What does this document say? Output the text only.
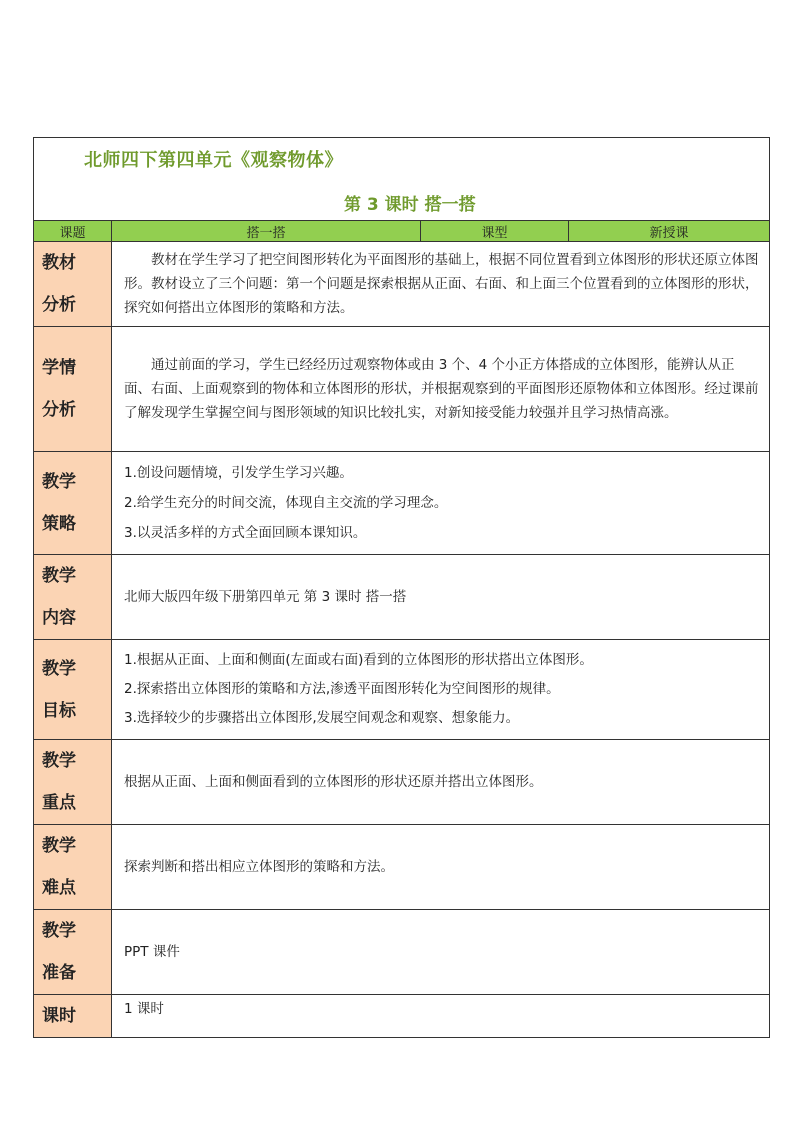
北师四下第四单元《观察物体》
第 3 课时 搭一搭			

课题	搭一搭	课型	新授课

教材
分析	教材在学生学习了把空间图形转化为平面图形的基础上，根据不同位置看到立体图形的形状还原立体图形。教材设立了三个问题：第一个问题是探索根据从正面、右面、和上面三个位置看到的立体图形的形状，探究如何搭出立体图形的策略和方法。		

学情
分析	通过前面的学习，学生已经经历过观察物体或由 3 个、4 个小正方体搭成的立体图形，能辨认从正面、右面、上面观察到的物体和立体图形的形状，并根据观察到的平面图形还原物体和立体图形。经过课前了解发现学生掌握空间与图形领域的知识比较扎实，对新知接受能力较强并且学习热情高涨。		

教学
策略	1.创设问题情境，引发学生学习兴趣。
2.给学生充分的时间交流，体现自主交流的学习理念。
3.以灵活多样的方式全面回顾本课知识。		

教学
内容	北师大版四年级下册第四单元 第 3 课时 搭一搭		

教学
目标	1.根据从正面、上面和侧面(左面或右面)看到的立体图形的形状搭出立体图形。
2.探索搭出立体图形的策略和方法,渗透平面图形转化为空间图形的规律。
3.选择较少的步骤搭出立体图形,发展空间观念和观察、想象能力。		

教学
重点	根据从正面、上面和侧面看到的立体图形的形状还原并搭出立体图形。		

教学
难点	探索判断和搭出相应立体图形的策略和方法。		

教学
准备	PPT 课件		

课时	1 课时		
